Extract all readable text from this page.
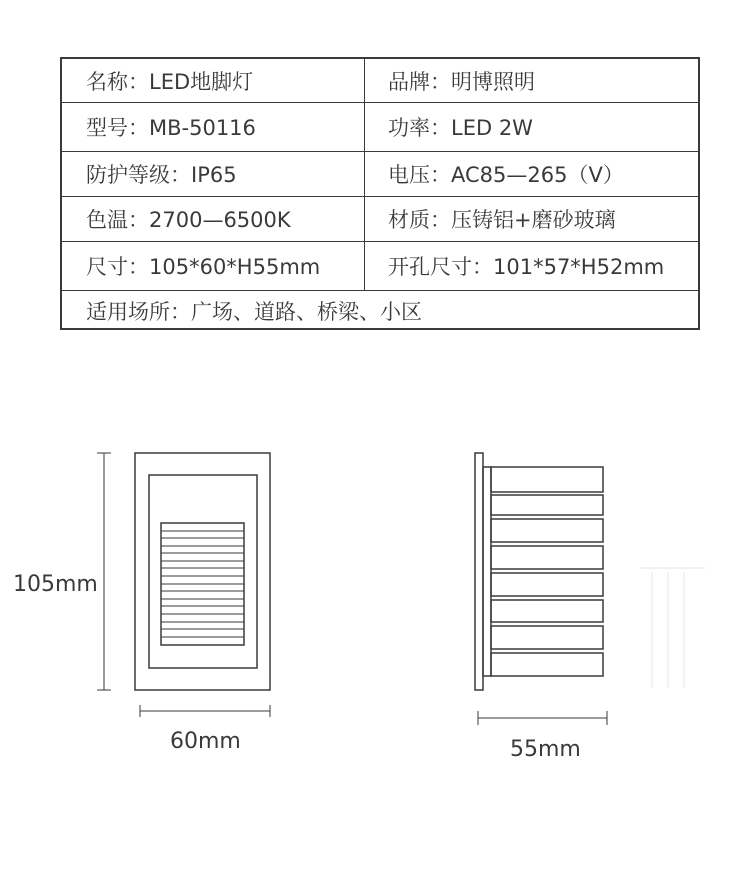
名称：LED地脚灯	品牌：明博照明
型号：MB-50116	功率：LED 2W
防护等级：IP65	电压：AC85—265（V）
色温：2700—6500K	材质：压铸铝+磨砂玻璃
尺寸：105*60*H55mm	开孔尺寸：101*57*H52mm
适用场所：广场、道路、桥梁、小区
105mm
60mm	55mm
